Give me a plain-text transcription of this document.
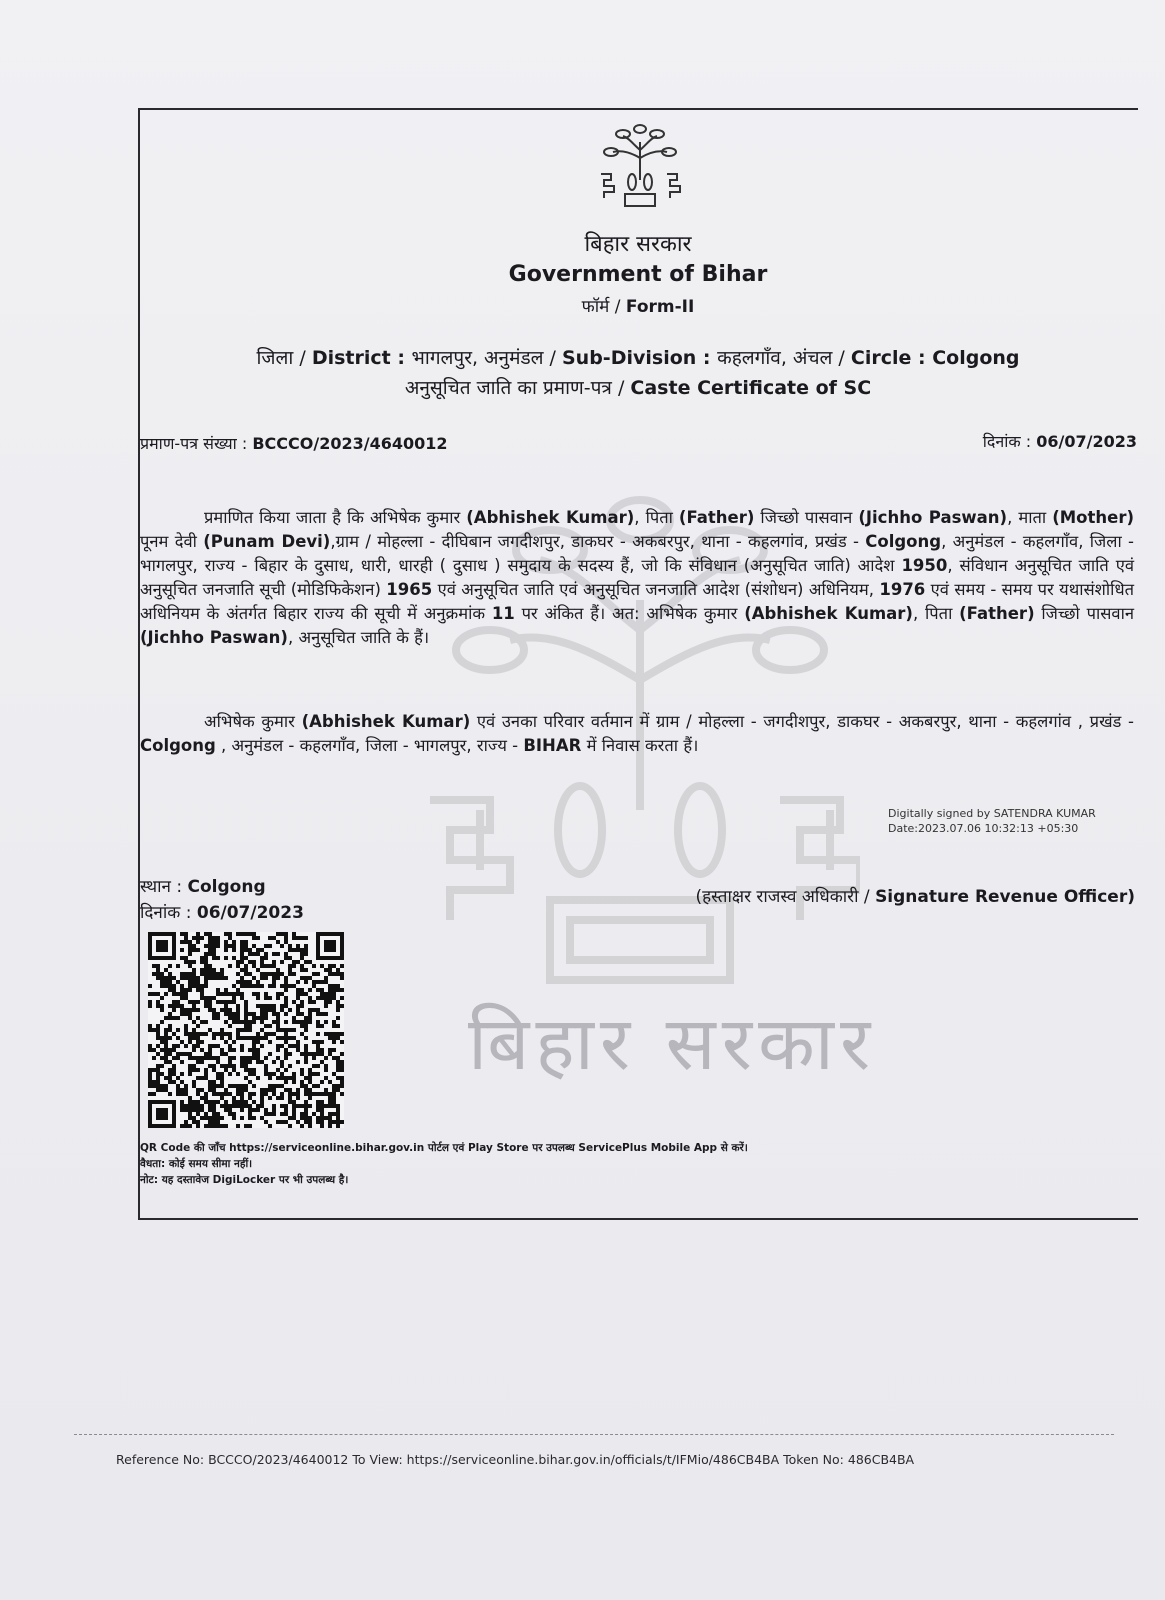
बिहार सरकार
बिहार सरकार
Government of Bihar
फॉर्म / Form-II
जिला / District : भागलपुर, अनुमंडल / Sub-Division : कहलगाँव, अंचल / Circle : Colgong
अनुसूचित जाति का प्रमाण-पत्र / Caste Certificate of SC
प्रमाण-पत्र संख्या : BCCCO/2023/4640012	दिनांक : 06/07/2023
प्रमाणित किया जाता है कि अभिषेक कुमार (Abhishek Kumar), पिता (Father) जिच्छो पासवान (Jichho Paswan), माता (Mother) पूनम देवी (Punam Devi),ग्राम / मोहल्ला - दीघिबान जगदीशपुर, डाकघर - अकबरपुर, थाना - कहलगांव, प्रखंड - Colgong, अनुमंडल - कहलगाँव, जिला - भागलपुर, राज्य - बिहार के दुसाध, धारी, धारही ( दुसाध ) समुदाय के सदस्य हैं, जो कि संविधान (अनुसूचित जाति) आदेश 1950, संविधान अनुसूचित जाति एवं अनुसूचित जनजाति सूची (मोडिफिकेशन) 1965 एवं अनुसूचित जाति एवं अनुसूचित जनजाति आदेश (संशोधन) अधिनियम, 1976 एवं समय - समय पर यथासंशोधित अधिनियम के अंतर्गत बिहार राज्य की सूची में अनुक्रमांक 11 पर अंकित हैं। अत: अभिषेक कुमार (Abhishek Kumar), पिता (Father) जिच्छो पासवान (Jichho Paswan), अनुसूचित जाति के हैं।
अभिषेक कुमार (Abhishek Kumar) एवं उनका परिवार वर्तमान में ग्राम / मोहल्ला - जगदीशपुर, डाकघर - अकबरपुर, थाना - कहलगांव , प्रखंड - Colgong , अनुमंडल - कहलगाँव, जिला - भागलपुर, राज्य - BIHAR में निवास करता हैं।
Digitally signed by SATENDRA KUMAR
Date:2023.07.06 10:32:13 +05:30
स्थान : Colgong
दिनांक : 06/07/2023
(हस्ताक्षर राजस्व अधिकारी / Signature Revenue Officer)
QR Code की जाँच https://serviceonline.bihar.gov.in पोर्टल एवं Play Store पर उपलब्ध ServicePlus Mobile App से करें।
वैधता: कोई समय सीमा नहीं।
नोट: यह दस्तावेज DigiLocker पर भी उपलब्ध है।
Reference No: BCCCO/2023/4640012 To View: https://serviceonline.bihar.gov.in/officials/t/IFMio/486CB4BA Token No: 486CB4BA
